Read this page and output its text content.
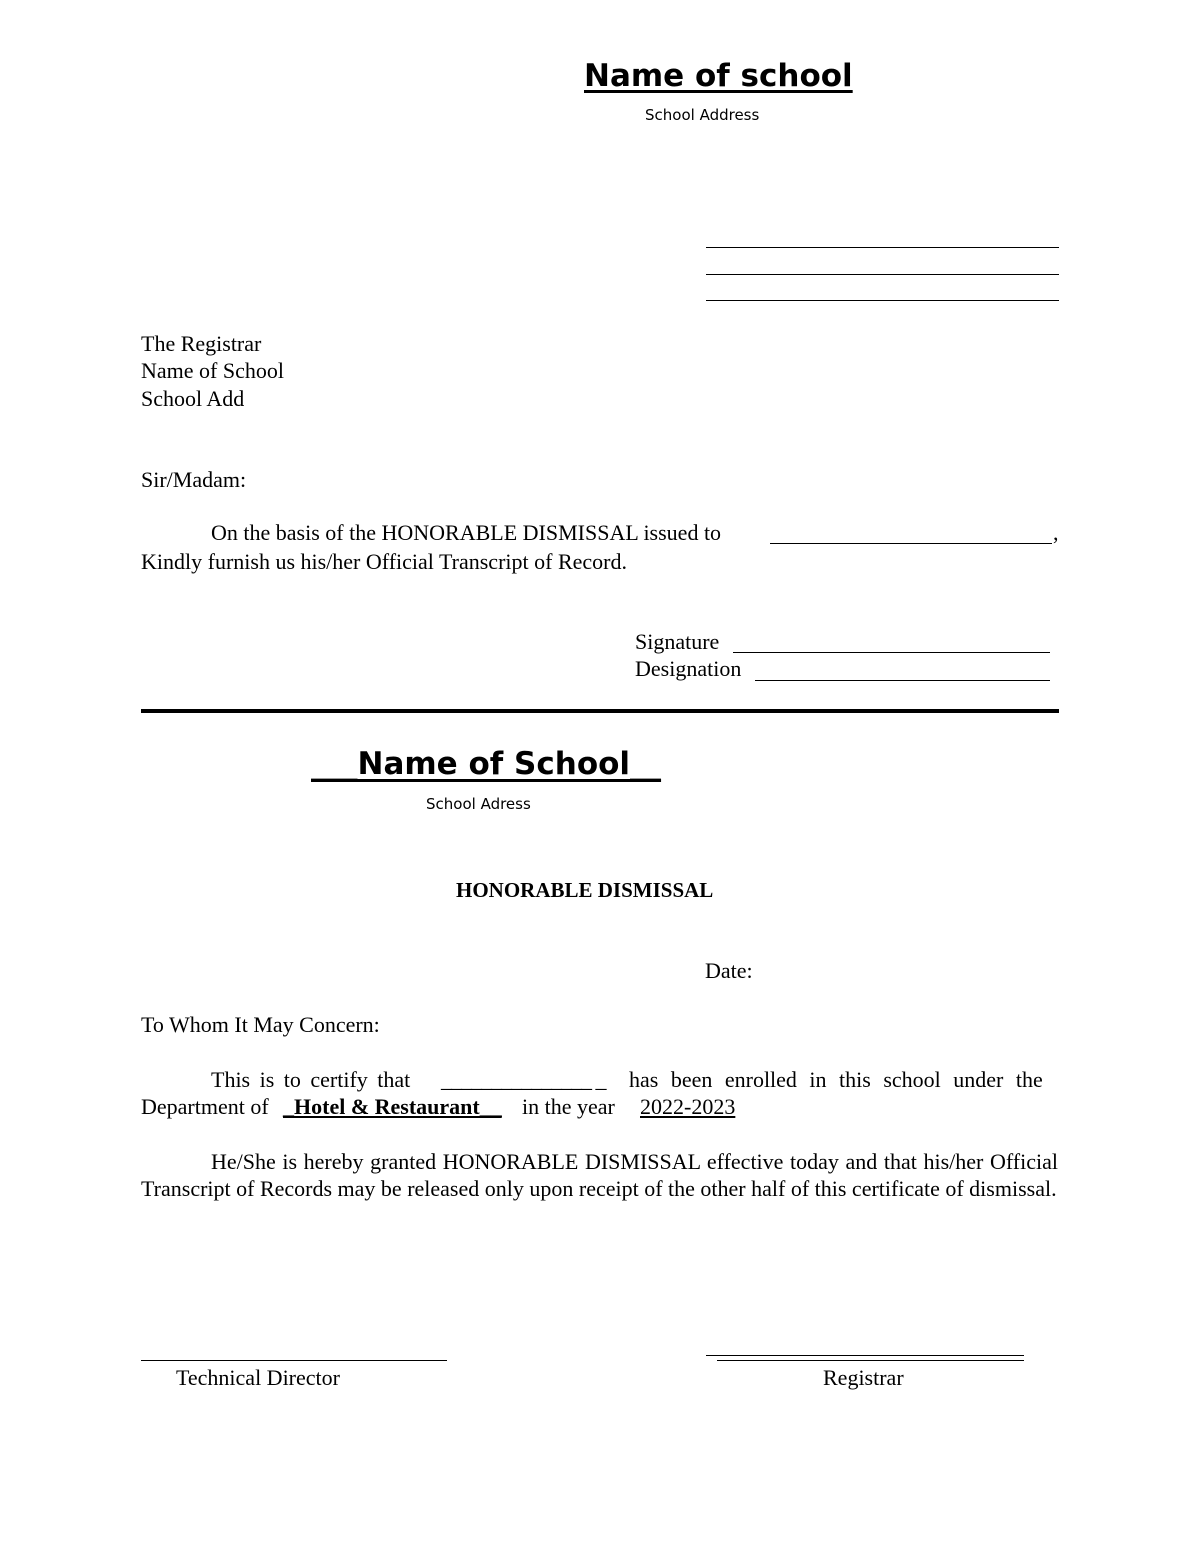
Name of school
School Address
The Registrar
Name of School
School Add
Sir/Madam:
On the basis of the HONORABLE DISMISSAL issued to	,
Kindly furnish us his/her Official Transcript of Record.
Signature
Designation
___Name of School__
School Adress
HONORABLE DISMISSAL
Date:
To Whom It May Concern:
This is to certify that _______________ _ has been enrolled in this school under the
Department of _Hotel & Restaurant__ in the year 2022-2023

He/She is hereby granted HONORABLE DISMISSAL effective today and that his/her Official Transcript of Records may be released only upon receipt of the other half of this certificate of dismissal.

Technical Director	Registrar
